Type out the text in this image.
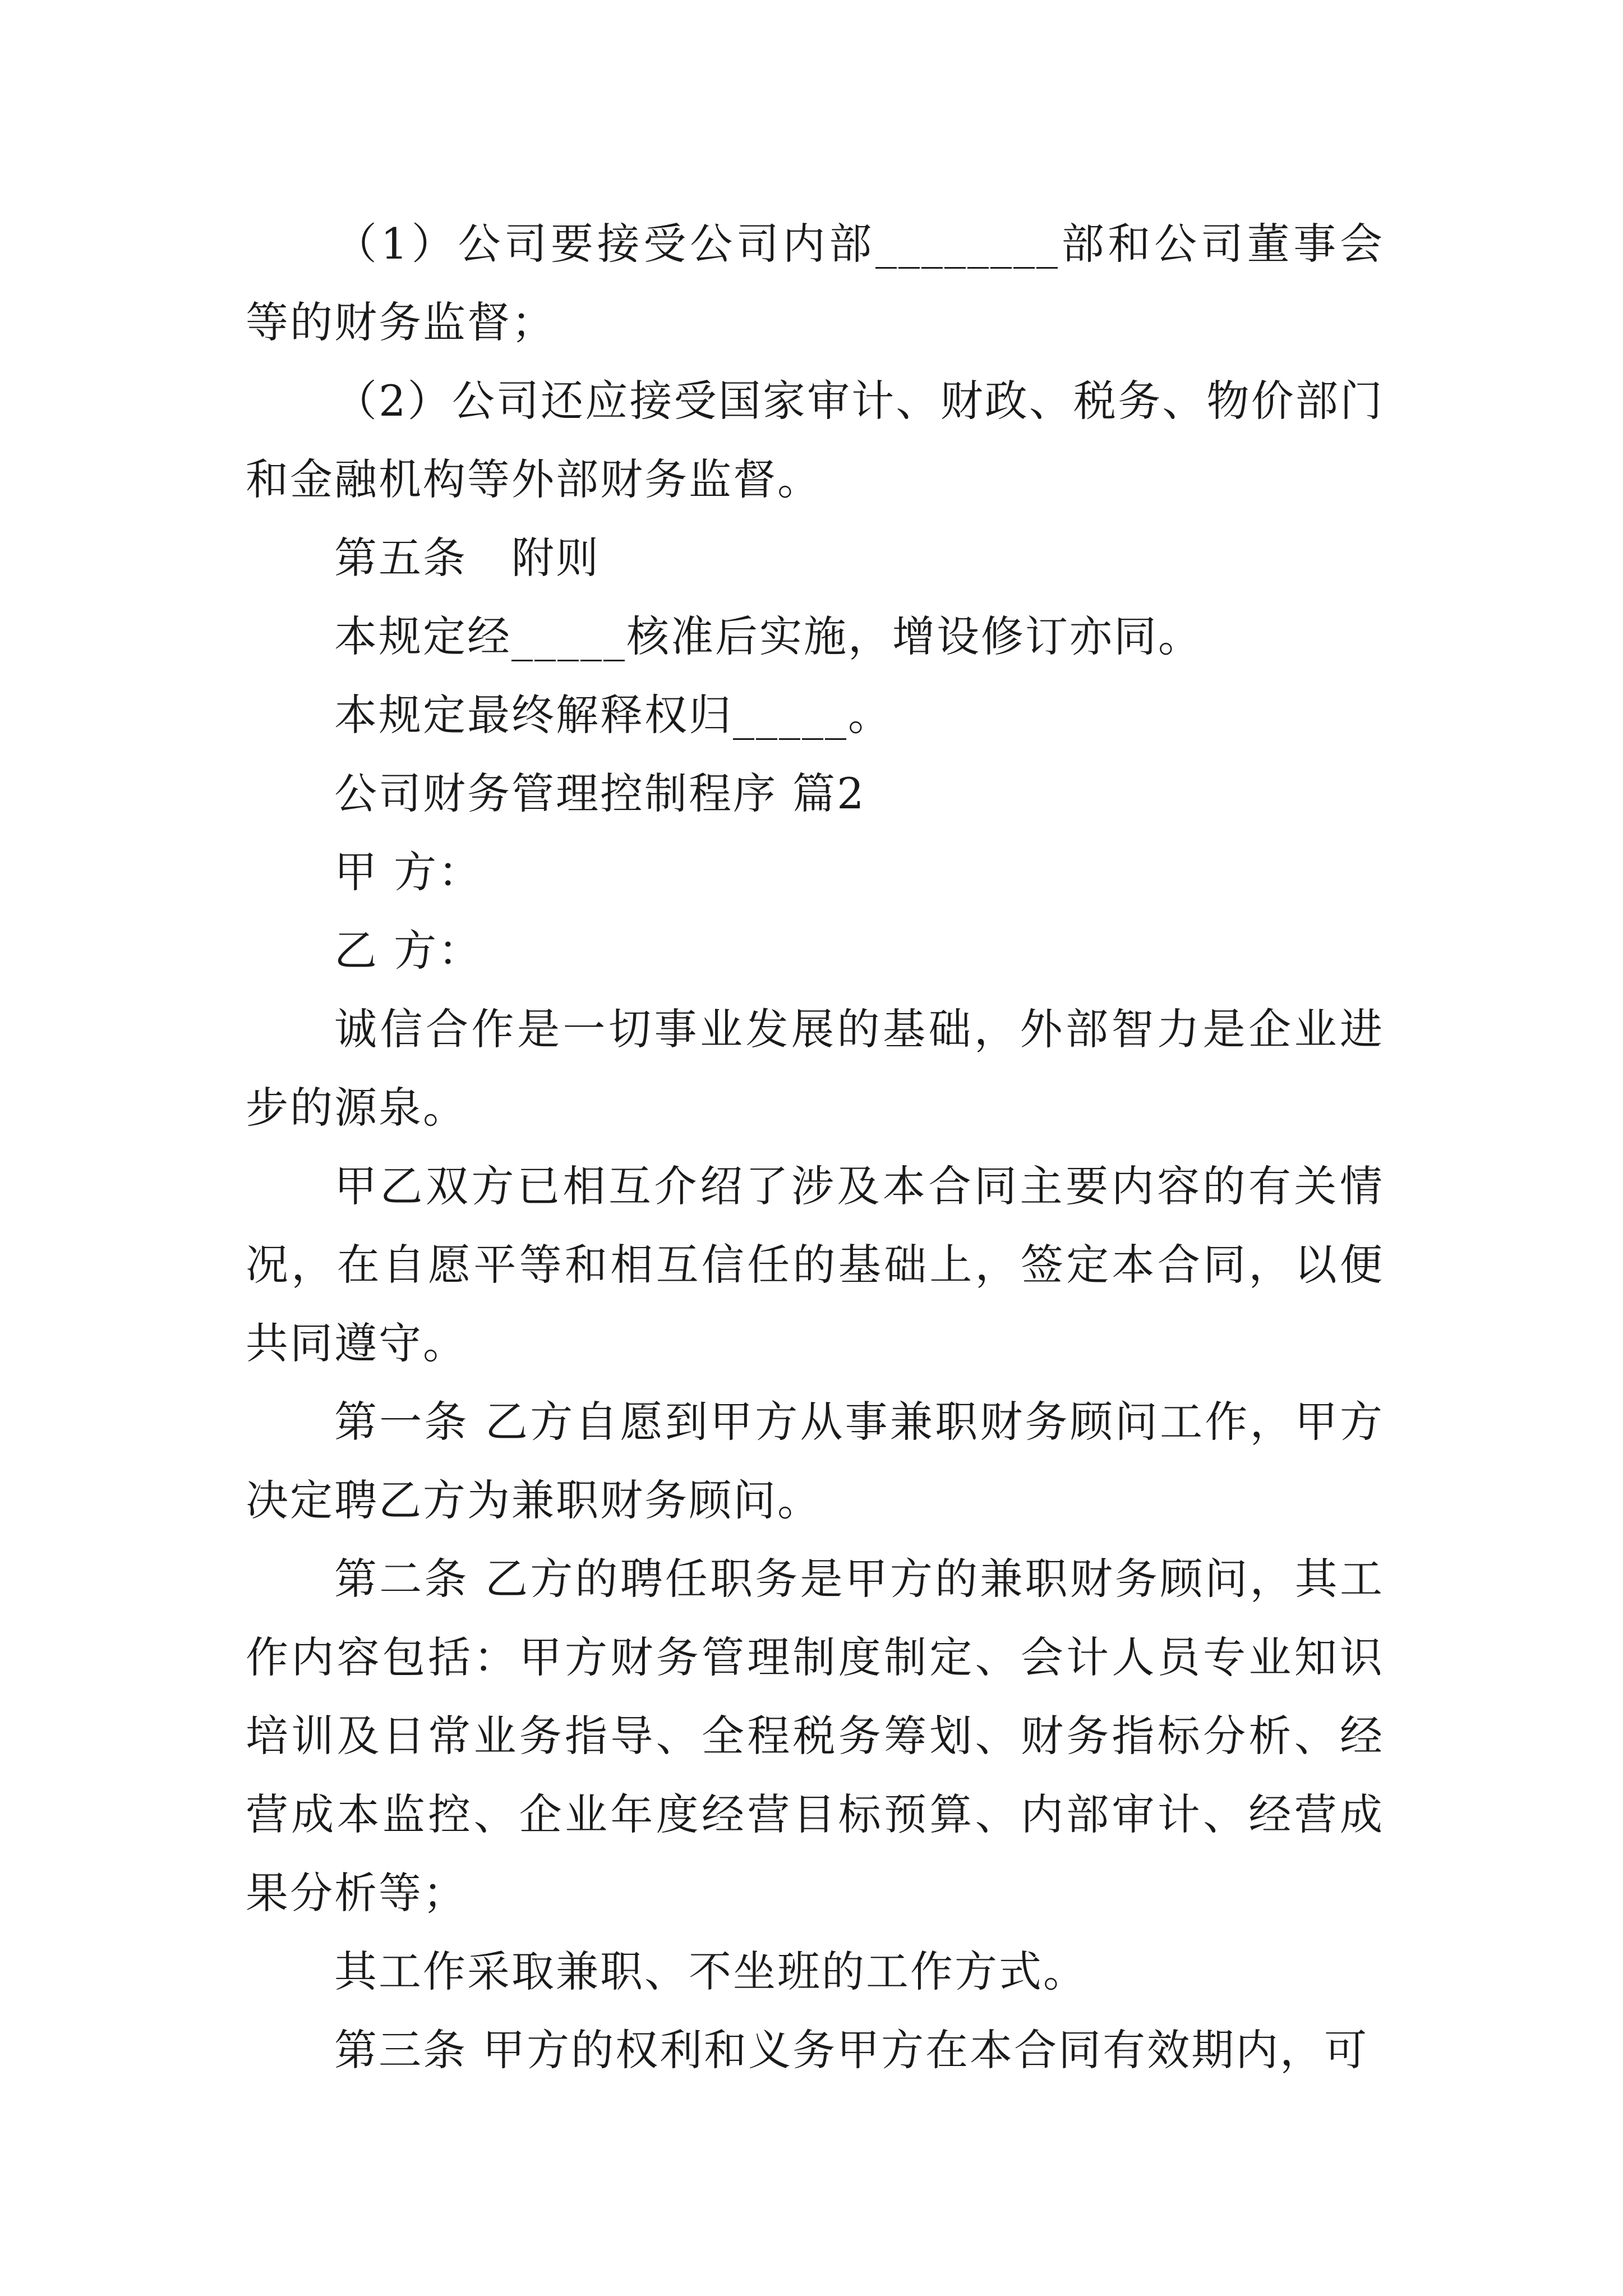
（1）公司要接受公司内部________部和公司董事会等的财务监督；

（2）公司还应接受国家审计、财政、税务、物价部门和金融机构等外部财务监督。

第五条　附则

本规定经_____核准后实施，增设修订亦同。

本规定最终解释权归_____。

公司财务管理控制程序 篇2

甲 方：

乙 方：

诚信合作是一切事业发展的基础，外部智力是企业进步的源泉。

甲乙双方已相互介绍了涉及本合同主要内容的有关情况，在自愿平等和相互信任的基础上，签定本合同，以便共同遵守。

第一条 乙方自愿到甲方从事兼职财务顾问工作，甲方决定聘乙方为兼职财务顾问。

第二条 乙方的聘任职务是甲方的兼职财务顾问，其工作内容包括：甲方财务管理制度制定、会计人员专业知识培训及日常业务指导、全程税务筹划、财务指标分析、经营成本监控、企业年度经营目标预算、内部审计、经营成果分析等；

其工作采取兼职、不坐班的工作方式。

第三条 甲方的权利和义务甲方在本合同有效期内，可
